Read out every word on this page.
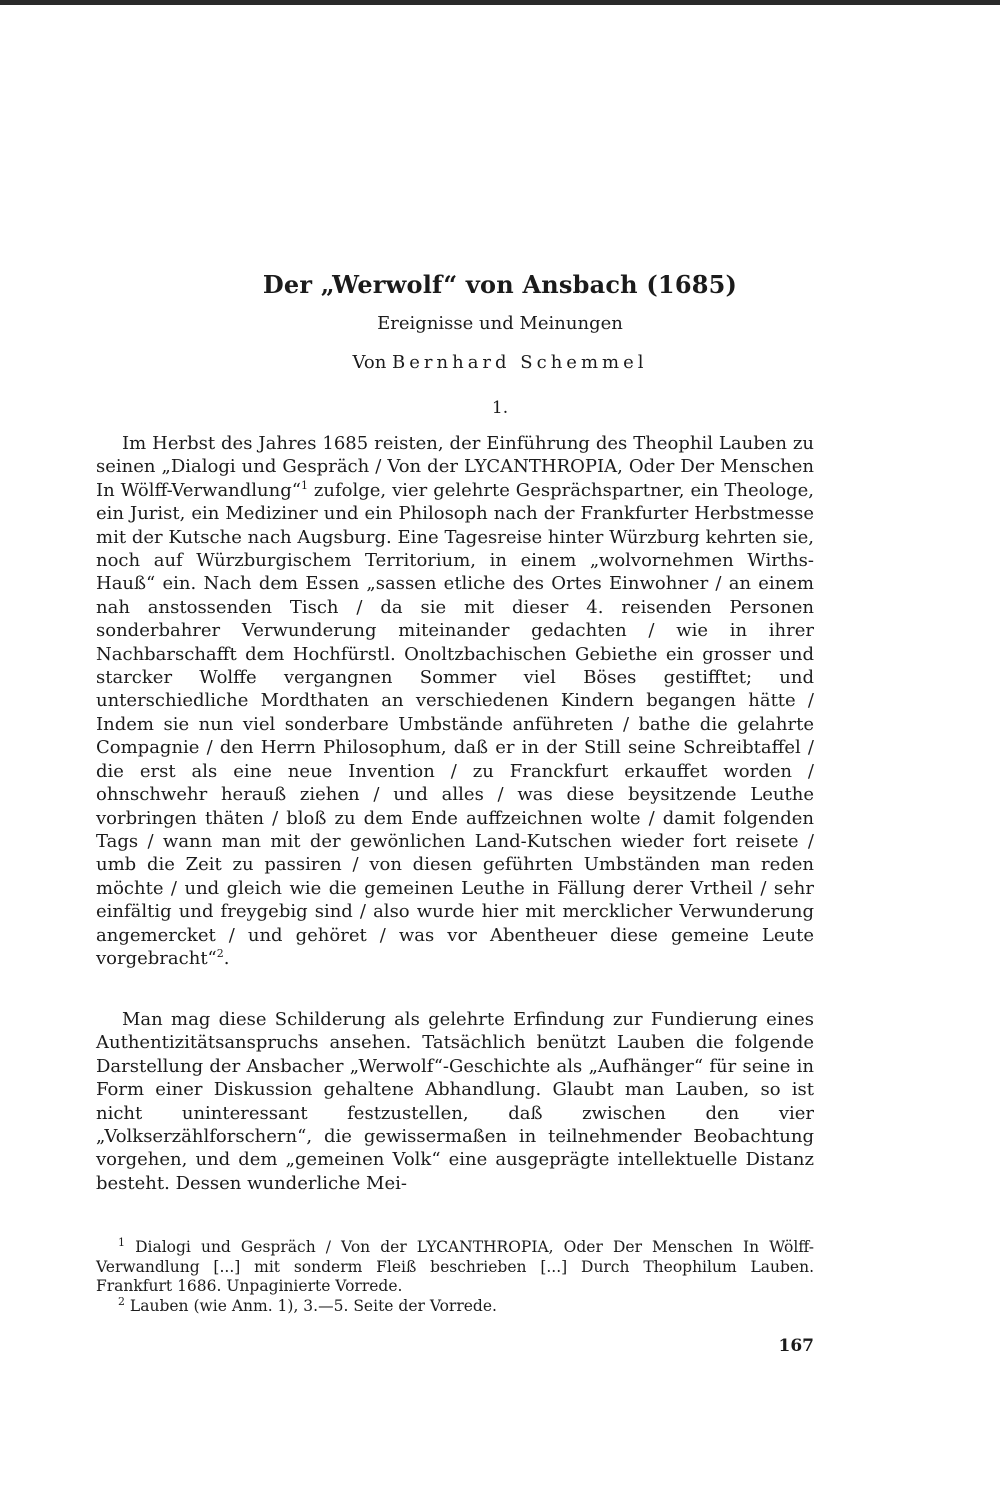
Der „Werwolf“ von Ansbach (1685)
Ereignisse und Meinungen
Von Bernhard Schemmel
1.

Im Herbst des Jahres 1685 reisten, der Einführung des Theophil Lauben zu seinen „Dialogi und Gespräch / Von der LYCANTHROPIA, Oder Der Menschen In Wölff-Verwandlung“$^1$ zufolge, vier gelehrte Gesprächspartner, ein Theologe, ein Jurist, ein Mediziner und ein Philosoph nach der Frankfurter Herbstmesse mit der Kutsche nach Augsburg. Eine Tagesreise hinter Würzburg kehrten sie, noch auf Würzburgischem Territorium, in einem „wolvornehmen Wirths-Hauß“ ein. Nach dem Essen „sassen etliche des Ortes Einwohner / an einem nah anstossenden Tisch / da sie mit dieser 4. reisenden Personen sonderbahrer Verwunderung miteinander gedachten / wie in ihrer Nachbarschafft dem Hochfürstl. Onoltzbachischen Gebiethe ein grosser und starcker Wolffe vergangnen Sommer viel Böses gestifftet; und unterschiedliche Mordthaten an verschiedenen Kindern begangen hätte / Indem sie nun viel sonderbare Umbstände anführeten / bathe die gelahrte Compagnie / den Herrn Philosophum, daß er in der Still seine Schreibtaffel / die erst als eine neue Invention / zu Franckfurt erkauffet worden / ohnschwehr herauß ziehen / und alles / was diese beysitzende Leuthe vorbringen thäten / bloß zu dem Ende auffzeichnen wolte / damit folgenden Tags / wann man mit der gewönlichen Land-Kutschen wieder fort reisete / umb die Zeit zu passiren / von diesen geführten Umbständen man reden möchte / und gleich wie die gemeinen Leuthe in Fällung derer Vrtheil / sehr einfältig und freygebig sind / also wurde hier mit mercklicher Verwunderung angemercket / und gehöret / was vor Abentheuer diese gemeine Leute vorgebracht“$^2$.

Man mag diese Schilderung als gelehrte Erfindung zur Fundierung eines Authentizitätsanspruchs ansehen. Tatsächlich benützt Lauben die folgende Darstellung der Ansbacher „Werwolf“-Geschichte als „Aufhänger“ für seine in Form einer Diskussion gehaltene Abhandlung. Glaubt man Lauben, so ist nicht uninteressant festzustellen, daß zwischen den vier „Volkserzählforschern“, die gewissermaßen in teilnehmender Beobachtung vorgehen, und dem „gemeinen Volk“ eine ausgeprägte intellektuelle Distanz besteht. Dessen wunderliche Mei-

$^1$ Dialogi und Gespräch / Von der LYCANTHROPIA, Oder Der Menschen In Wölff-Verwandlung [...] mit sonderm Fleiß beschrieben [...] Durch Theophilum Lauben. Frankfurt 1686. Unpaginierte Vorrede.

$^2$ Lauben (wie Anm. 1), 3.—5. Seite der Vorrede.

167
